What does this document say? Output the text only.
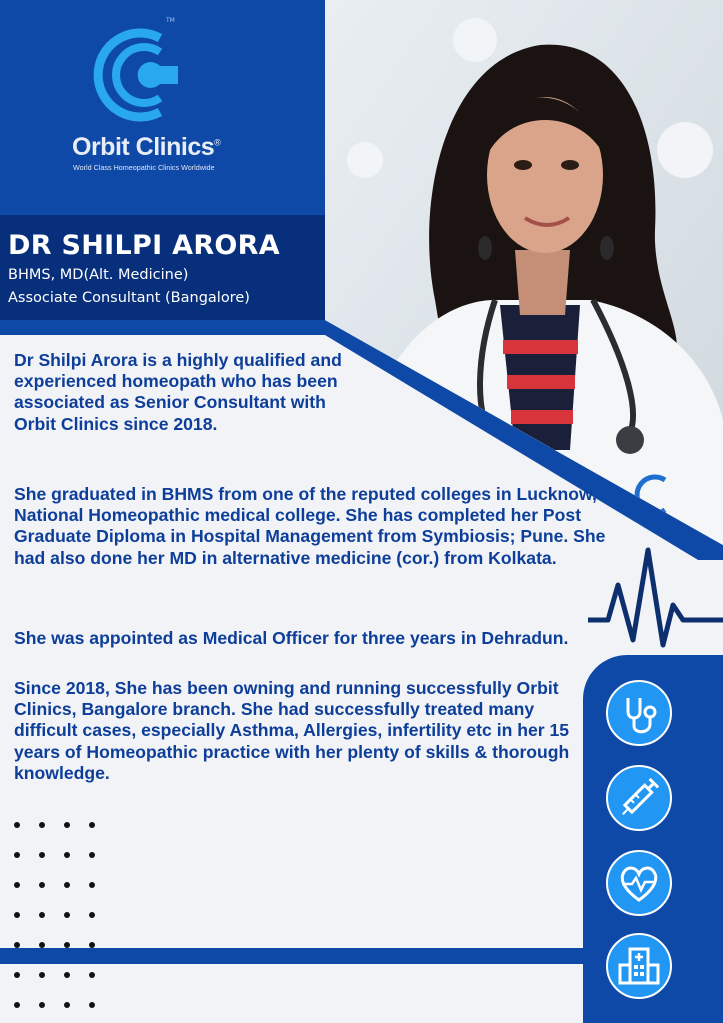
TM
Orbit Clinics®
World Class Homeopathic Clinics Worldwide
DR SHILPI ARORA
BHMS, MD(Alt. Medicine)
Associate Consultant (Bangalore)

Dr Shilpi Arora is a highly qualified and experienced homeopath who has been associated as Senior Consultant with Orbit Clinics since 2018.

She graduated in BHMS from one of the reputed colleges in Lucknow, National Homeopathic medical college. She has completed her Post Graduate Diploma in Hospital Management from Symbiosis; Pune. She had also done her MD in alternative medicine (cor.) from Kolkata.

She was appointed as Medical Officer for three years in Dehradun.

Since 2018, She has been owning and running successfully Orbit Clinics, Bangalore branch. She had successfully treated many difficult cases, especially Asthma, Allergies, infertility etc in her 15 years of Homeopathic practice with her plenty of skills & thorough knowledge.
